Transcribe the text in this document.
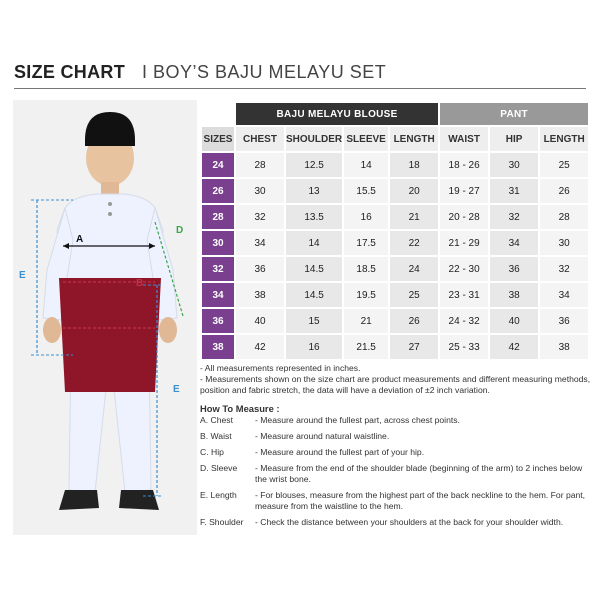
SIZE CHART I BOY’S BAJU MELAYU SET
A
B
D
E
E
	BAJU MELAYU BLOUSE				PANT		
SIZES	CHEST	SHOULDER	SLEEVE	LENGTH	WAIST	HIP	LENGTH
24	28	12.5	14	18	18 - 26	30	25
26	30	13	15.5	20	19 - 27	31	26
28	32	13.5	16	21	20 - 28	32	28
30	34	14	17.5	22	21 - 29	34	30
32	36	14.5	18.5	24	22 - 30	36	32
34	38	14.5	19.5	25	23 - 31	38	34
36	40	15	21	26	24 - 32	40	36
38	42	16	21.5	27	25 - 33	42	38
- All measurements represented in inches.
- Measurements shown on the size chart are product measurements and different measuring methods, position and fabric stretch, the data will have a deviation of ±2 inch variation.
How To Measure :
A. Chest	- Measure around the fullest part, across chest points.
B. Waist	- Measure around natural waistline.
C. Hip	- Measure around the fullest part of your hip.
D. Sleeve	- Measure from the end of the shoulder blade (beginning of the arm) to 2 inches below the wrist bone.
E. Length	- For blouses, measure from the highest part of the back neckline to the hem. For pant, measure from the waistline to the hem.
F. Shoulder	- Check the distance between your shoulders at the back for your shoulder width.
